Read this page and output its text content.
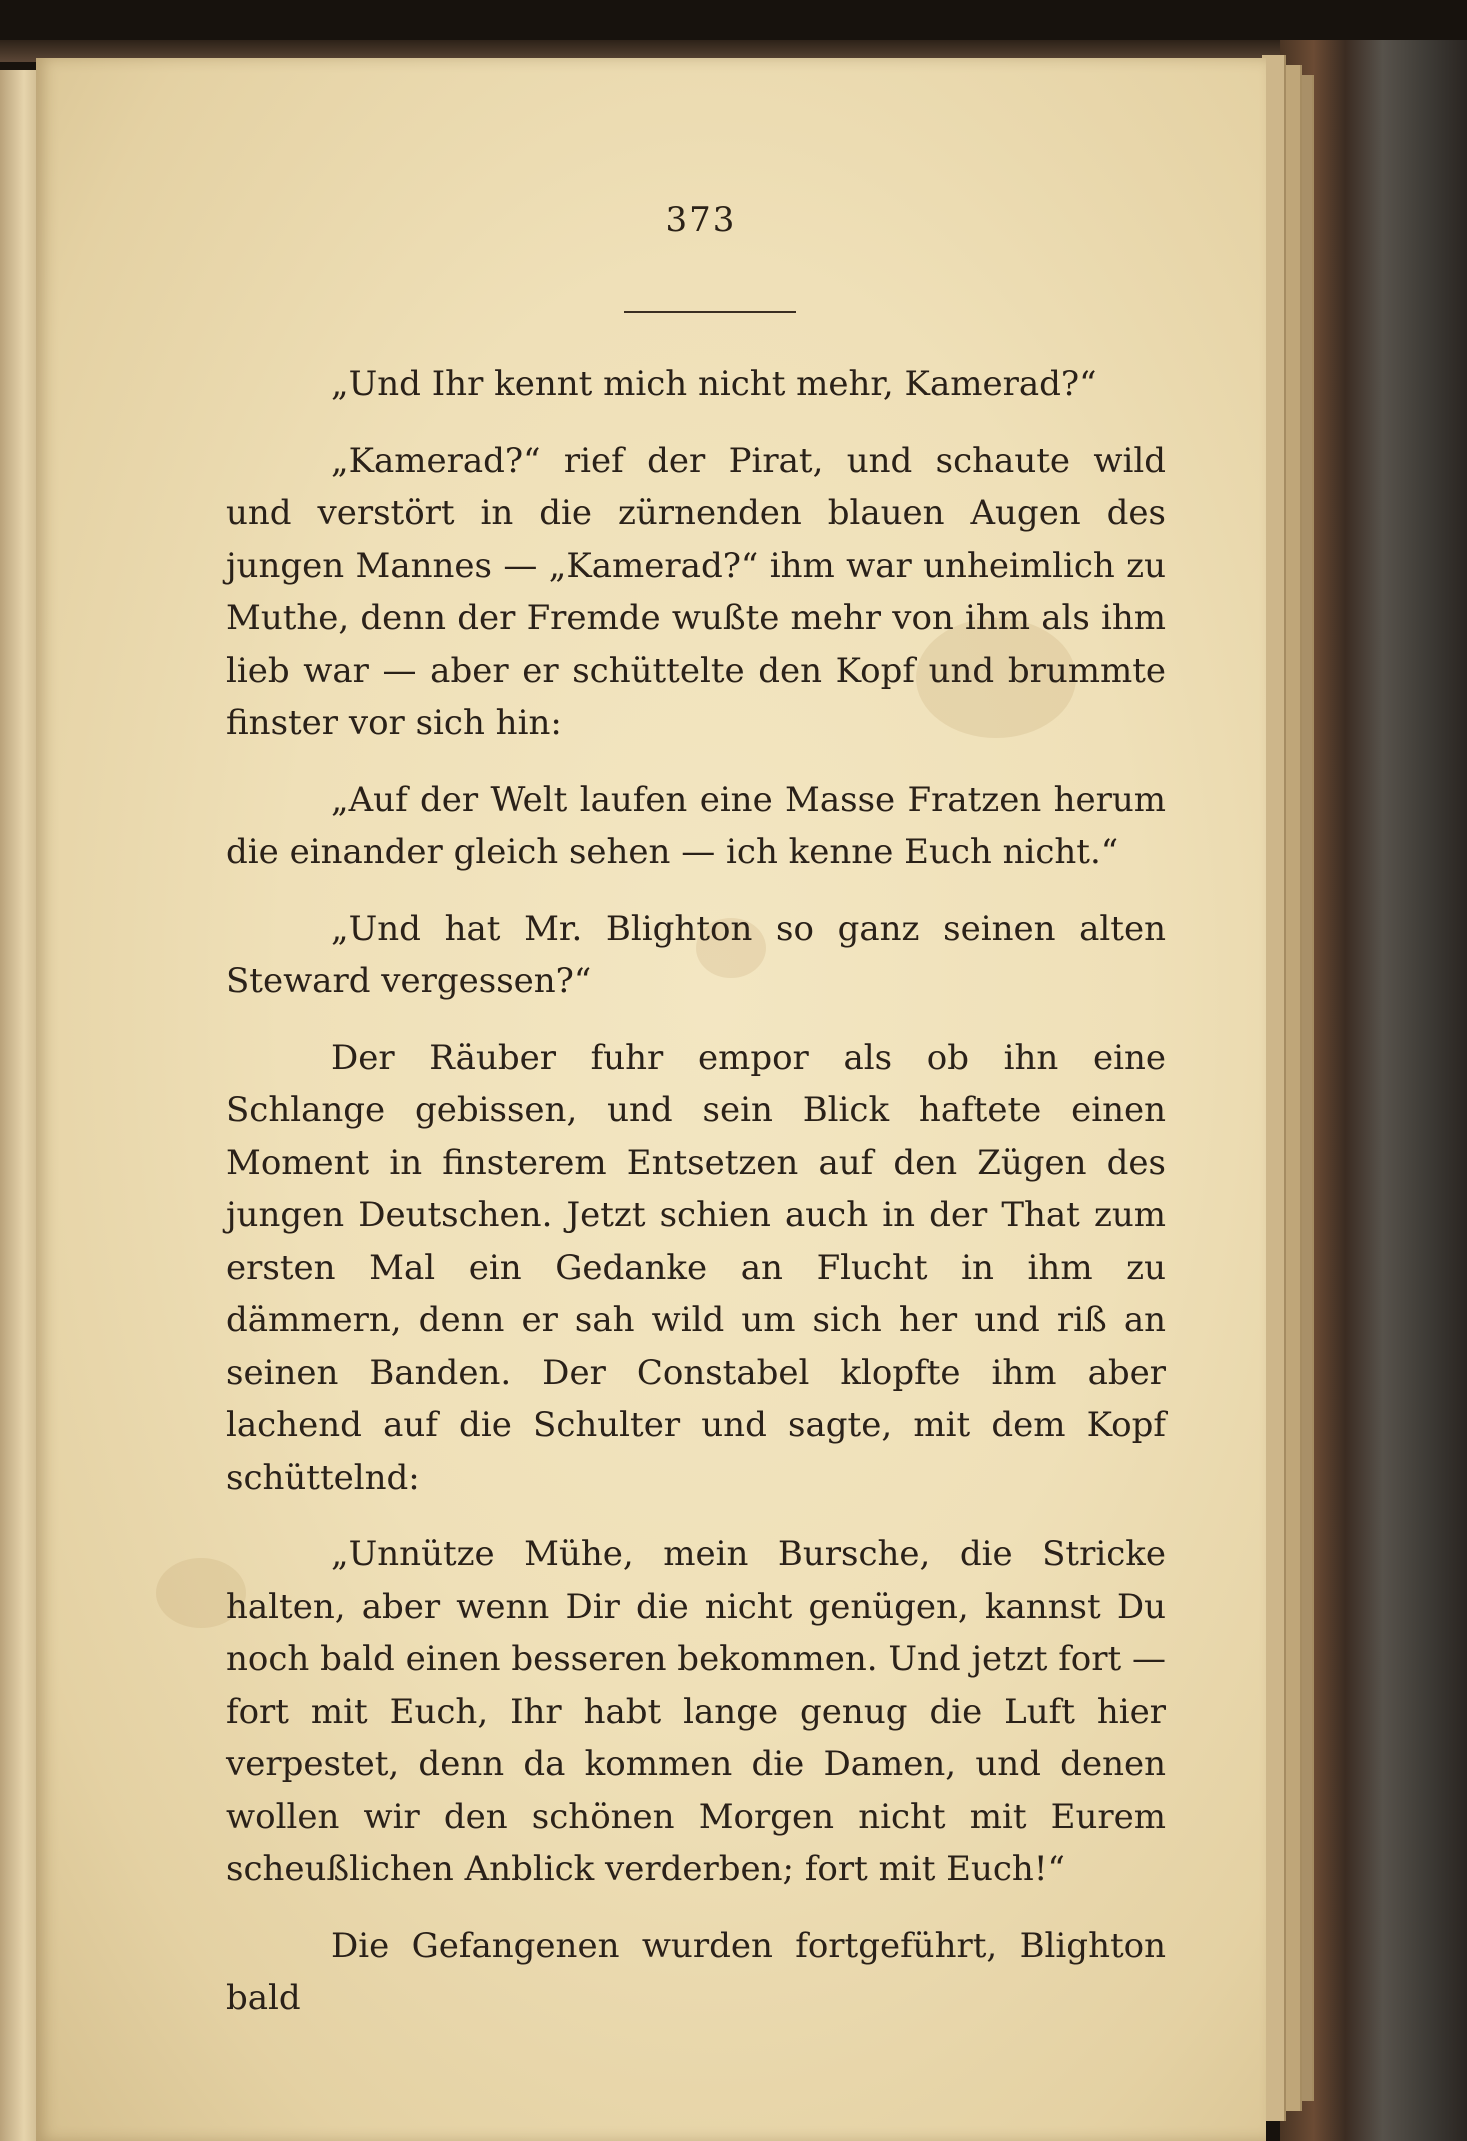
373

„Und Ihr kennt mich nicht mehr, Kamerad?“

„Kamerad?“ rief der Pirat, und schaute wild und verstört in die zürnenden blauen Augen des jungen Mannes — „Kamerad?“ ihm war unheimlich zu Muthe, denn der Fremde wußte mehr von ihm als ihm lieb war — aber er schüttelte den Kopf und brummte finster vor sich hin:

„Auf der Welt laufen eine Masse Fratzen herum die einander gleich sehen — ich kenne Euch nicht.“

„Und hat Mr. Blighton so ganz seinen alten Steward vergessen?“

Der Räuber fuhr empor als ob ihn eine Schlange gebissen, und sein Blick haftete einen Moment in finsterem Entsetzen auf den Zügen des jungen Deutschen. Jetzt schien auch in der That zum ersten Mal ein Gedanke an Flucht in ihm zu dämmern, denn er sah wild um sich her und riß an seinen Banden. Der Constabel klopfte ihm aber lachend auf die Schulter und sagte, mit dem Kopf schüttelnd:

„Unnütze Mühe, mein Bursche, die Stricke halten, aber wenn Dir die nicht genügen, kannst Du noch bald einen besseren bekommen. Und jetzt fort — fort mit Euch, Ihr habt lange genug die Luft hier verpestet, denn da kommen die Damen, und denen wollen wir den schönen Morgen nicht mit Eurem scheußlichen Anblick verderben; fort mit Euch!“

Die Gefangenen wurden fortgeführt, Blighton bald
